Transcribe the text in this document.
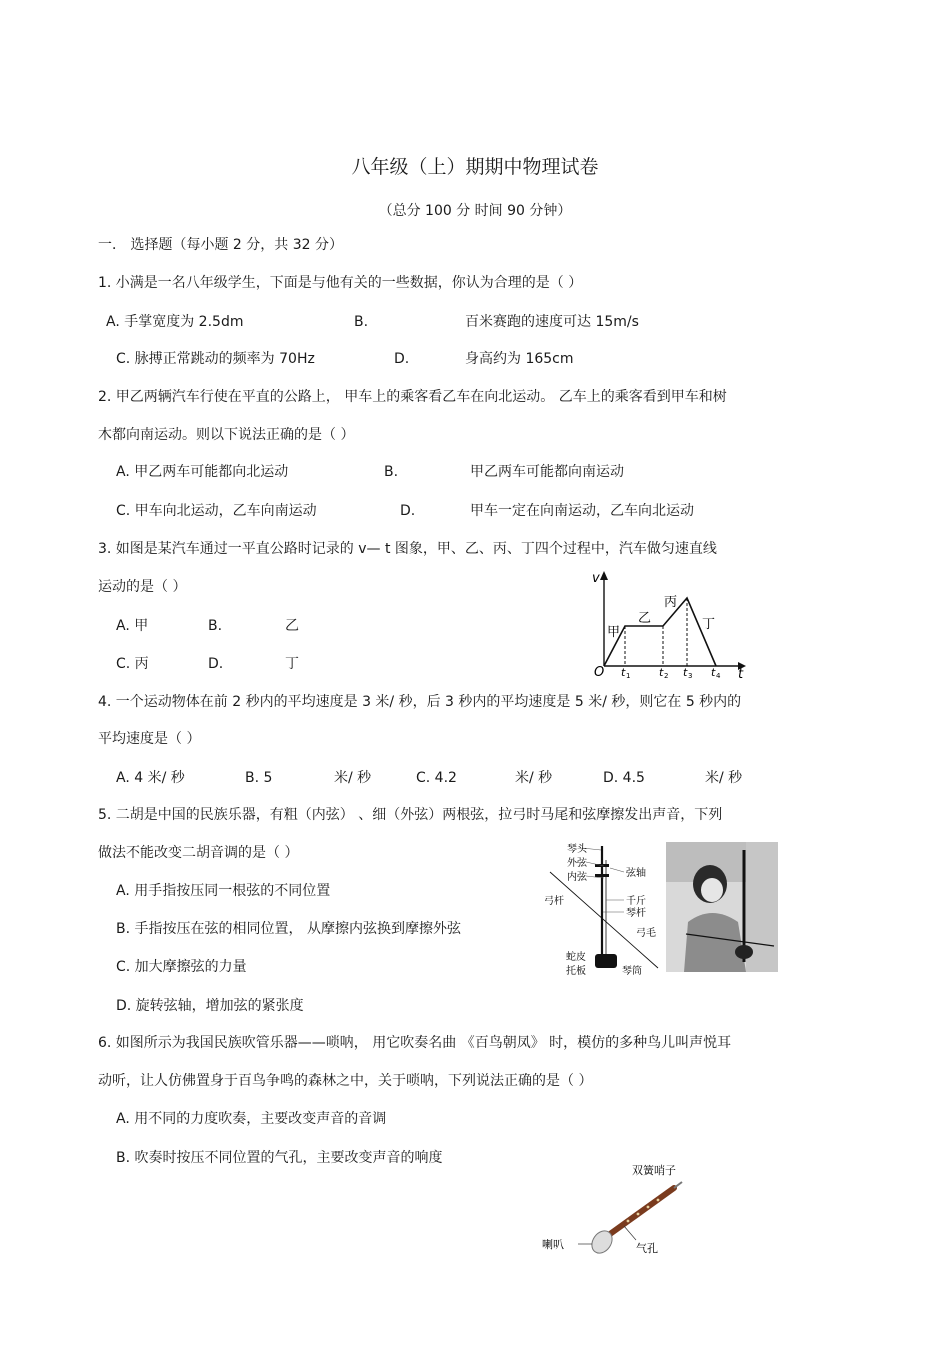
八年级（上）期期中物理试卷
（总分 100 分 时间 90 分钟）
一． 选择题（每小题 2 分，共 32 分）
1. 小满是一名八年级学生，下面是与他有关的一些数据，你认为合理的是（ ）
A. 手掌宽度为 2.5dm	B.	百米赛跑的速度可达 15m/s
C. 脉搏正常跳动的频率为 70Hz	D.	身高约为 165cm
2. 甲乙两辆汽车行使在平直的公路上， 甲车上的乘客看乙车在向北运动。 乙车上的乘客看到甲车和树
木都向南运动。则以下说法正确的是（ ）
A. 甲乙两车可能都向北运动	B.	甲乙两车可能都向南运动
C. 甲车向北运动，乙车向南运动	D.	甲车一定在向南运动，乙车向北运动
3. 如图是某汽车通过一平直公路时记录的 v— t 图象，甲、乙、丙、丁四个过程中，汽车做匀速直线
运动的是（ ）
A. 甲	B.	乙
C. 丙	D.	丁
v
t
O
甲
乙
丙
丁
t 1	t 2 t 3 t 4
4. 一个运动物体在前 2 秒内的平均速度是 3 米/ 秒，后 3 秒内的平均速度是 5 米/ 秒，则它在 5 秒内的
平均速度是（ ）
A. 4 米/ 秒	B. 5	米/ 秒	C. 4.2	米/ 秒	D. 4.5	米/ 秒
5. 二胡是中国的民族乐器，有粗（内弦） 、细（外弦）两根弦，拉弓时马尾和弦摩擦发出声音，下列
做法不能改变二胡音调的是（ ）
A. 用手指按压同一根弦的不同位置
B. 手指按压在弦的相同位置， 从摩擦内弦换到摩擦外弦
C. 加大摩擦弦的力量
D. 旋转弦轴，增加弦的紧张度
琴头
外弦
内弦	弦轴
弓杆	千斤
琴杆
弓毛
蛇皮
托板	琴筒
6. 如图所示为我国民族吹管乐器——唢呐， 用它吹奏名曲 《百鸟朝凤》 时，模仿的多种鸟儿叫声悦耳
动听，让人仿佛置身于百鸟争鸣的森林之中，关于唢呐，下列说法正确的是（ ）
A. 用不同的力度吹奏，主要改变声音的音调
B. 吹奏时按压不同位置的气孔，主要改变声音的响度
双簧哨子
喇叭	气孔
